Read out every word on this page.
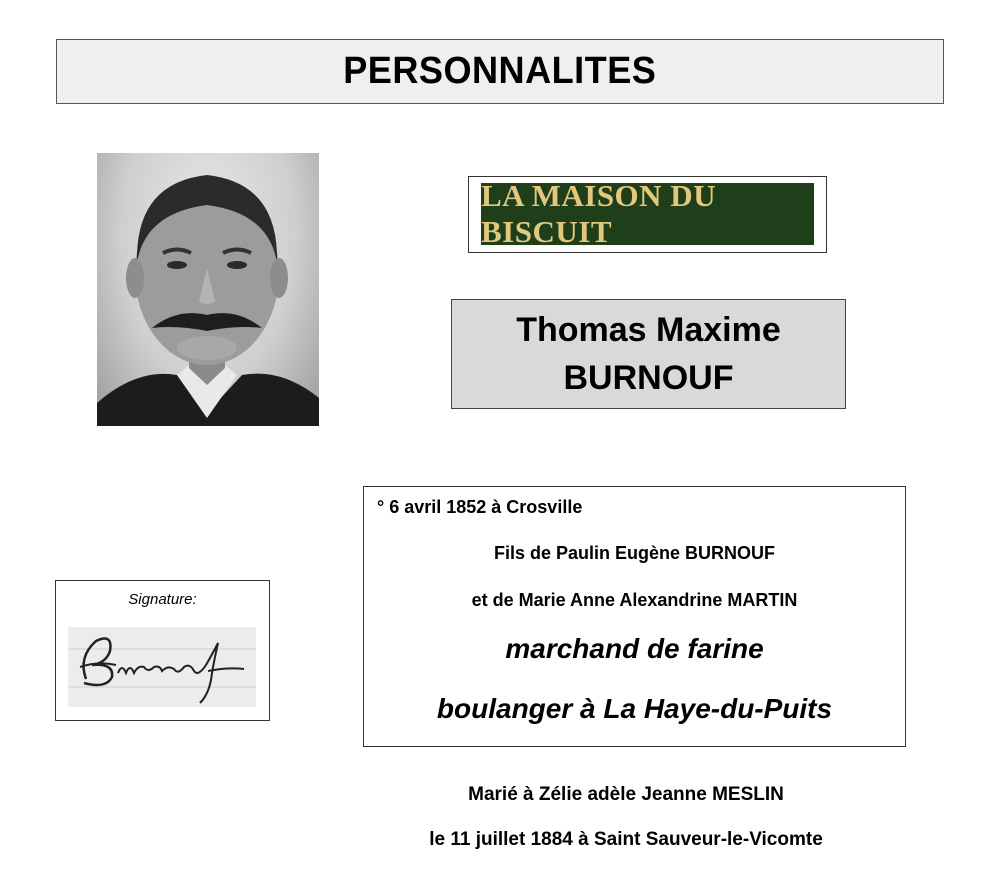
PERSONNALITES
LA MAISON DU BISCUIT
Thomas Maxime
BURNOUF
Signature:
° 6 avril 1852 à Crosville
Fils de Paulin Eugène BURNOUF
et de Marie Anne Alexandrine MARTIN
marchand de farine
boulanger à La Haye-du-Puits
Marié à Zélie adèle Jeanne MESLIN
le 11 juillet 1884 à Saint Sauveur-le-Vicomte
